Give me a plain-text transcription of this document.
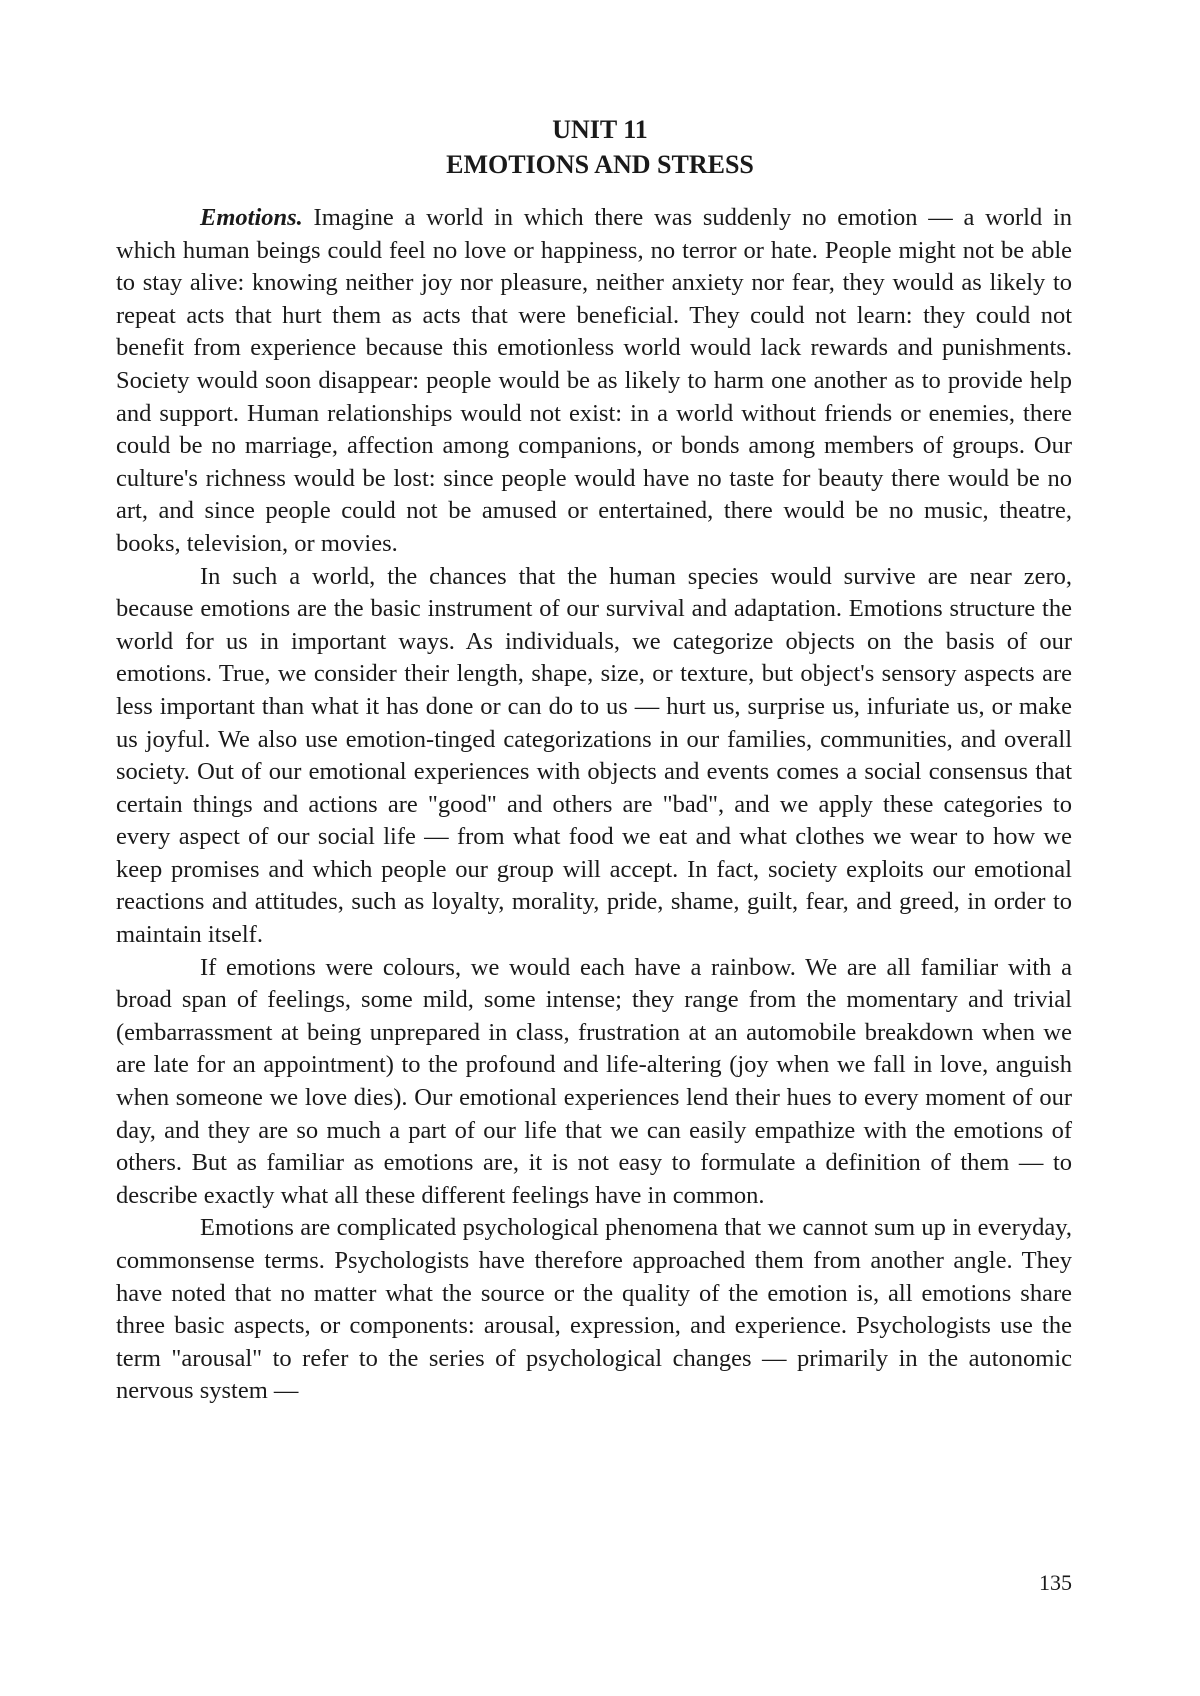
UNIT 11
EMOTIONS AND STRESS

Emotions. Imagine a world in which there was suddenly no emotion — a world in which human beings could feel no love or happiness, no terror or hate. People might not be able to stay alive: knowing neither joy nor pleasure, neither anxiety nor fear, they would as likely to repeat acts that hurt them as acts that were beneficial. They could not learn: they could not benefit from experience because this emotionless world would lack rewards and punishments. Society would soon disappear: people would be as likely to harm one another as to provide help and support. Human relationships would not exist: in a world without friends or enemies, there could be no marriage, affection among companions, or bonds among members of groups. Our culture's richness would be lost: since people would have no taste for beauty there would be no art, and since people could not be amused or entertained, there would be no music, theatre, books, television, or movies.

In such a world, the chances that the human species would survive are near zero, because emotions are the basic instrument of our survival and adaptation. Emotions structure the world for us in important ways. As individuals, we categorize objects on the basis of our emotions. True, we consider their length, shape, size, or texture, but object's sensory aspects are less important than what it has done or can do to us — hurt us, surprise us, infuriate us, or make us joyful. We also use emotion-tinged categorizations in our families, communities, and overall society. Out of our emotional experiences with objects and events comes a social consensus that certain things and actions are "good" and others are "bad", and we apply these categories to every aspect of our social life — from what food we eat and what clothes we wear to how we keep promises and which people our group will accept. In fact, society exploits our emotional reactions and attitudes, such as loyalty, morality, pride, shame, guilt, fear, and greed, in order to maintain itself.

If emotions were colours, we would each have a rainbow. We are all familiar with a broad span of feelings, some mild, some intense; they range from the momentary and trivial (embarrassment at being unprepared in class, frustration at an automobile breakdown when we are late for an appointment) to the profound and life-altering (joy when we fall in love, anguish when someone we love dies). Our emotional experiences lend their hues to every moment of our day, and they are so much a part of our life that we can easily empathize with the emotions of others. But as familiar as emotions are, it is not easy to formulate a definition of them — to describe exactly what all these different feelings have in common.

Emotions are complicated psychological phenomena that we cannot sum up in everyday, commonsense terms. Psychologists have therefore approached them from another angle. They have noted that no matter what the source or the quality of the emotion is, all emotions share three basic aspects, or components: arousal, expression, and experience. Psychologists use the term "arousal" to refer to the series of psychological changes — primarily in the autonomic nervous system —

135
